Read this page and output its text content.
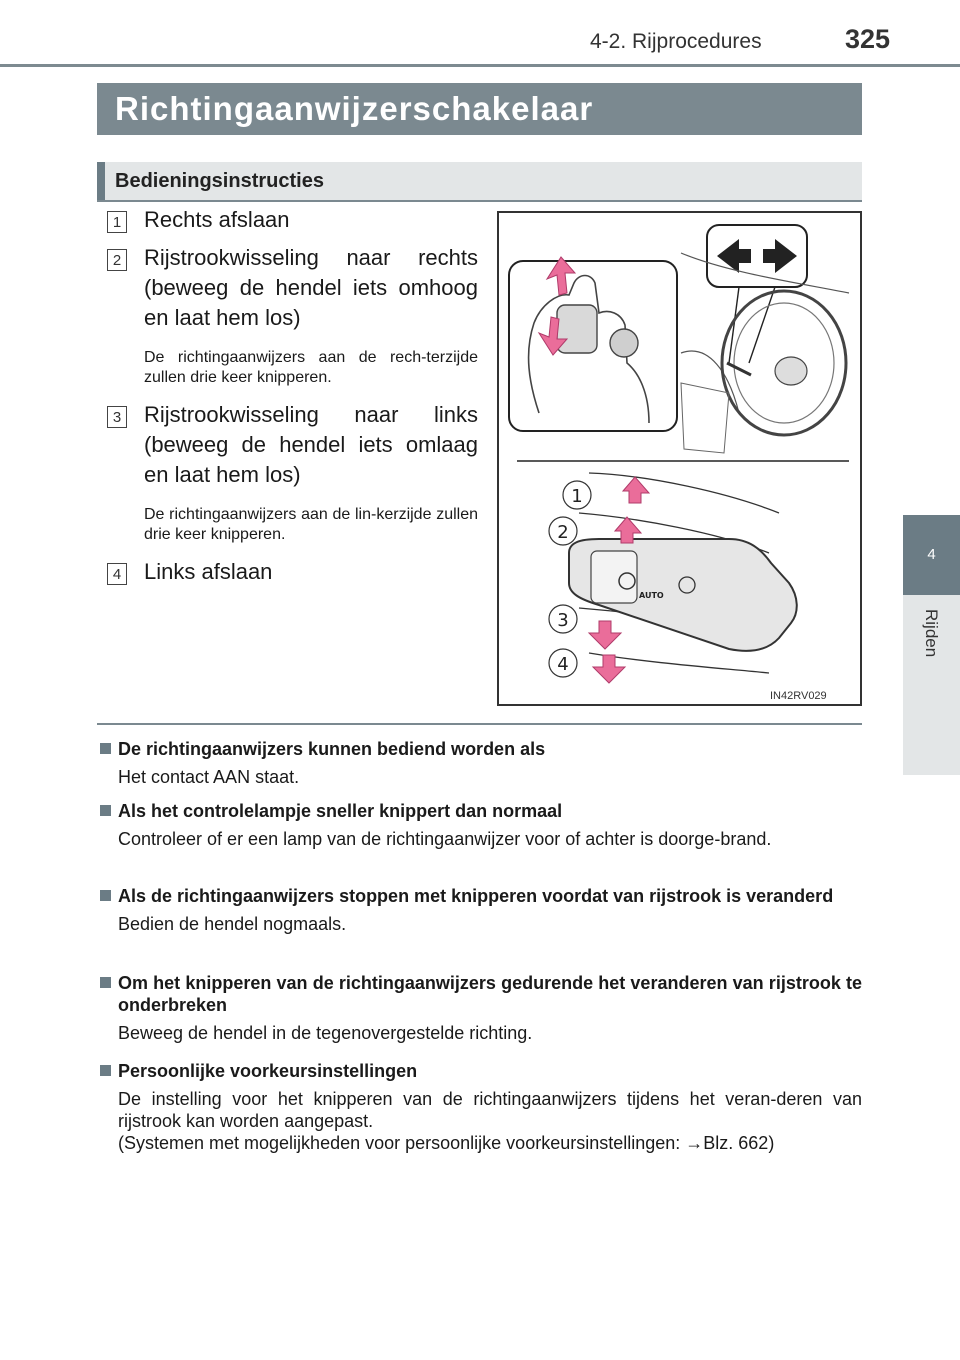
4-2. Rijprocedures	325
4
Rijden
Richtingaanwijzerschakelaar
Bedieningsinstructies
1 Rechts afslaan
2 Rijstrookwisseling naar rechts (beweeg de hendel iets omhoog en laat hem los)
De richtingaanwijzers aan de rech-terzijde zullen drie keer knipperen.
3 Rijstrookwisseling naar links (beweeg de hendel iets omlaag en laat hem los)
De richtingaanwijzers aan de lin-kerzijde zullen drie keer knipperen.
4 Links afslaan
AUTO
1
2
3
4
IN42RV029
De richtingaanwijzers kunnen bediend worden als

Het contact AAN staat.

Als het controlelampje sneller knippert dan normaal

Controleer of er een lamp van de richtingaanwijzer voor of achter is doorge-brand.

Als de richtingaanwijzers stoppen met knipperen voordat van rijstrook is veranderd

Bedien de hendel nogmaals.

Om het knipperen van de richtingaanwijzers gedurende het veranderen van rijstrook te onderbreken

Beweeg de hendel in de tegenovergestelde richting.

Persoonlijke voorkeursinstellingen

De instelling voor het knipperen van de richtingaanwijzers tijdens het veran-deren van rijstrook kan worden aangepast.

(Systemen met mogelijkheden voor persoonlijke voorkeursinstellingen: →Blz. 662)
